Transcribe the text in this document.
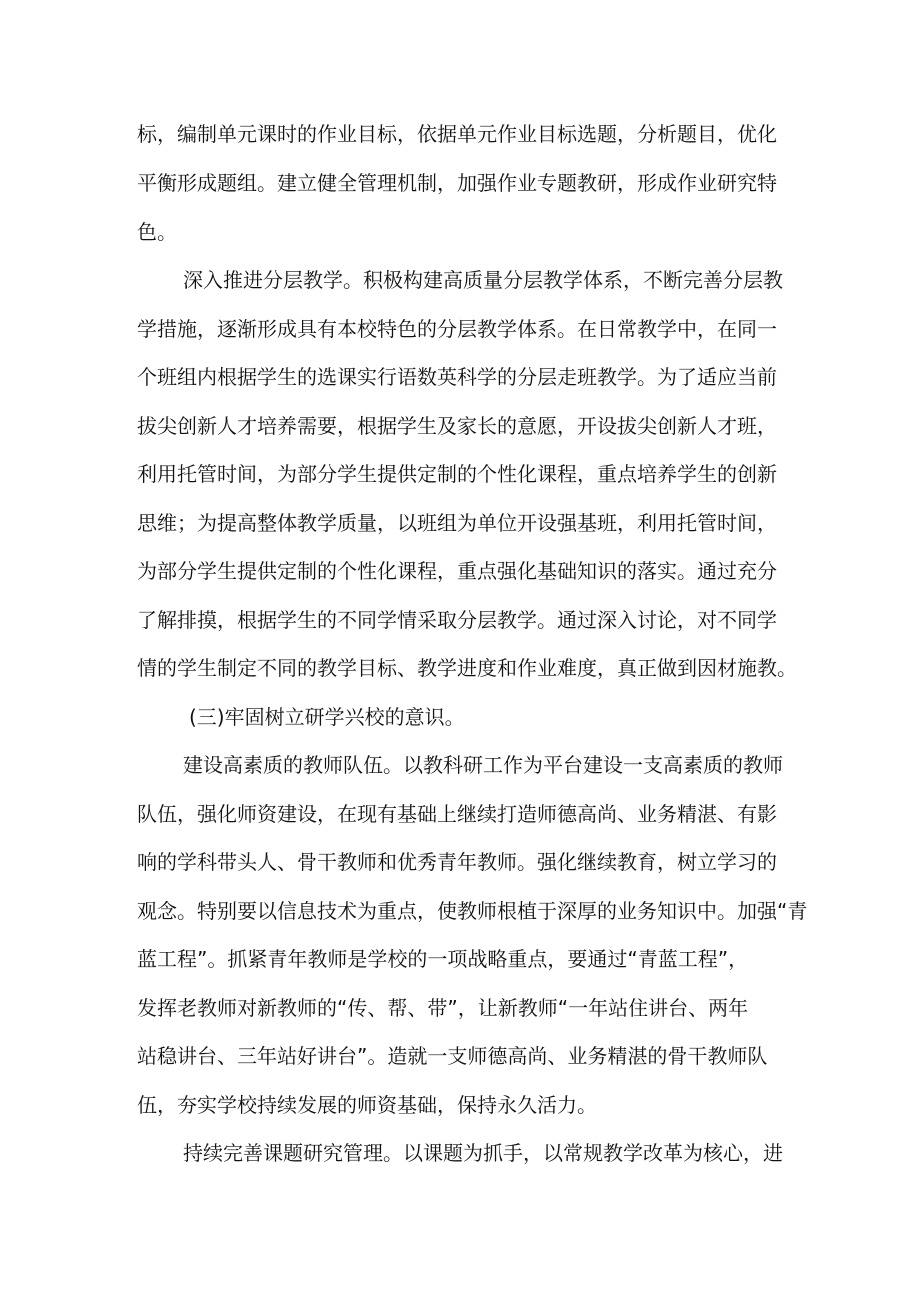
标，编制单元课时的作业目标，依据单元作业目标选题，分析题目，优化

平衡形成题组。建立健全管理机制，加强作业专题教研，形成作业研究特

色。

深入推进分层教学。积极构建高质量分层教学体系，不断完善分层教

学措施，逐渐形成具有本校特色的分层教学体系。在日常教学中，在同一

个班组内根据学生的选课实行语数英科学的分层走班教学。为了适应当前

拔尖创新人才培养需要，根据学生及家长的意愿，开设拔尖创新人才班，

利用托管时间，为部分学生提供定制的个性化课程，重点培养学生的创新

思维；为提高整体教学质量，以班组为单位开设强基班，利用托管时间，

为部分学生提供定制的个性化课程，重点强化基础知识的落实。通过充分

了解排摸，根据学生的不同学情采取分层教学。通过深入讨论，对不同学

情的学生制定不同的教学目标、教学进度和作业难度，真正做到因材施教。

(三)牢固树立研学兴校的意识。

建设高素质的教师队伍。以教科研工作为平台建设一支高素质的教师

队伍，强化师资建设，在现有基础上继续打造师德高尚、业务精湛、有影

响的学科带头人、骨干教师和优秀青年教师。强化继续教育，树立学习的

观念。特别要以信息技术为重点，使教师根植于深厚的业务知识中。加强“青

蓝工程”。抓紧青年教师是学校的一项战略重点，要通过“青蓝工程”，

发挥老教师对新教师的“传、帮、带”，让新教师“一年站住讲台、两年

站稳讲台、三年站好讲台”。造就一支师德高尚、业务精湛的骨干教师队

伍，夯实学校持续发展的师资基础，保持永久活力。

持续完善课题研究管理。以课题为抓手，以常规教学改革为核心，进
